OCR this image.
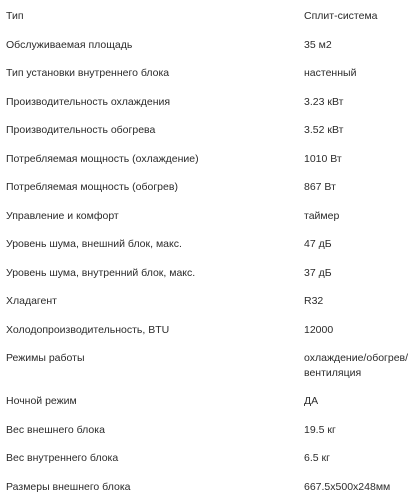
Тип	Сплит-система
Обслуживаемая площадь	35 м2
Тип установки внутреннего блока	настенный
Производительность охлаждения	3.23 кВт
Производительность обогрева	3.52 кВт
Потребляемая мощность (охлаждение)	1010 Вт
Потребляемая мощность (обогрев)	867 Вт
Управление и комфорт	таймер
Уровень шума, внешний блок, макс.	47 дБ
Уровень шума, внутренний блок, макс.	37 дБ
Хладагент	R32
Холодопроизводительность, BTU	12000
Режимы работы	охлаждение/обогрев/вентиляция
Ночной режим	ДА
Вес внешнего блока	19.5 кг
Вес внутреннего блока	6.5 кг
Размеры внешнего блока	667.5x500x248мм
